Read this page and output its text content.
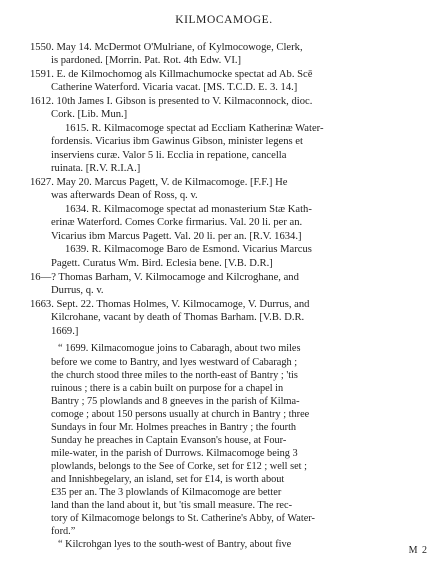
KILMOCAMOGE.
1550. May 14. McDermot O'Mulriane, of Kylmocowoge, Clerk,
is pardoned. [Morrin. Pat. Rot. 4th Edw. VI.]
1591. E. de Kilmochomog als Killmachumocke spectat ad Ab. Scē
Catherine Waterford. Vicaria vacat. [MS. T.C.D. E. 3. 14.]
1612. 10th James I. Gibson is presented to V. Kilmaconnock, dioc.
Cork. [Lib. Mun.]
1615. R. Kilmacomoge spectat ad Eccliam Katherinæ Water-
fordensis. Vicarius ibm Gawinus Gibson, minister legens et
inserviens curæ. Valor 5 li. Ecclia in repatione, cancella
ruinata. [R.V. R.I.A.]
1627. May 20. Marcus Pagett, V. de Kilmacomoge. [F.F.] He
was afterwards Dean of Ross, q. v.
1634. R. Kilmacomoge spectat ad monasterium Stæ Kath-
erinæ Waterford. Comes Corke firmarius. Val. 20 li. per an.
Vicarius ibm Marcus Pagett. Val. 20 li. per an. [R.V. 1634.]
1639. R. Kilmacomoge Baro de Esmond. Vicarius Marcus
Pagett. Curatus Wm. Bird. Eclesia bene. [V.B. D.R.]
16—? Thomas Barham, V. Kilmocamoge and Kilcroghane, and
Durrus, q. v.
1663. Sept. 22. Thomas Holmes, V. Kilmocamoge, V. Durrus, and
Kilcrohane, vacant by death of Thomas Barham. [V.B. D.R.
1669.]
“ 1699. Kilmacomogue joins to Cabaragh, about two miles
before we come to Bantry, and lyes westward of Cabaragh ;
the church stood three miles to the north-east of Bantry ; 'tis
ruinous ; there is a cabin built on purpose for a chapel in
Bantry ; 75 plowlands and 8 gneeves in the parish of Kilma-
comoge ; about 150 persons usually at church in Bantry ; three
Sundays in four Mr. Holmes preaches in Bantry ; the fourth
Sunday he preaches in Captain Evanson's house, at Four-
mile-water, in the parish of Durrows. Kilmacomoge being 3
plowlands, belongs to the See of Corke, set for £12 ; well set ;
and Innishbegelary, an island, set for £14, is worth about
£35 per an. The 3 plowlands of Kilmacomoge are better
land than the land about it, but 'tis small measure. The rec-
tory of Kilmacomoge belongs to St. Catherine's Abby, of Water-
ford.”
“ Kilcrohgan lyes to the south-west of Bantry, about five
M 2
